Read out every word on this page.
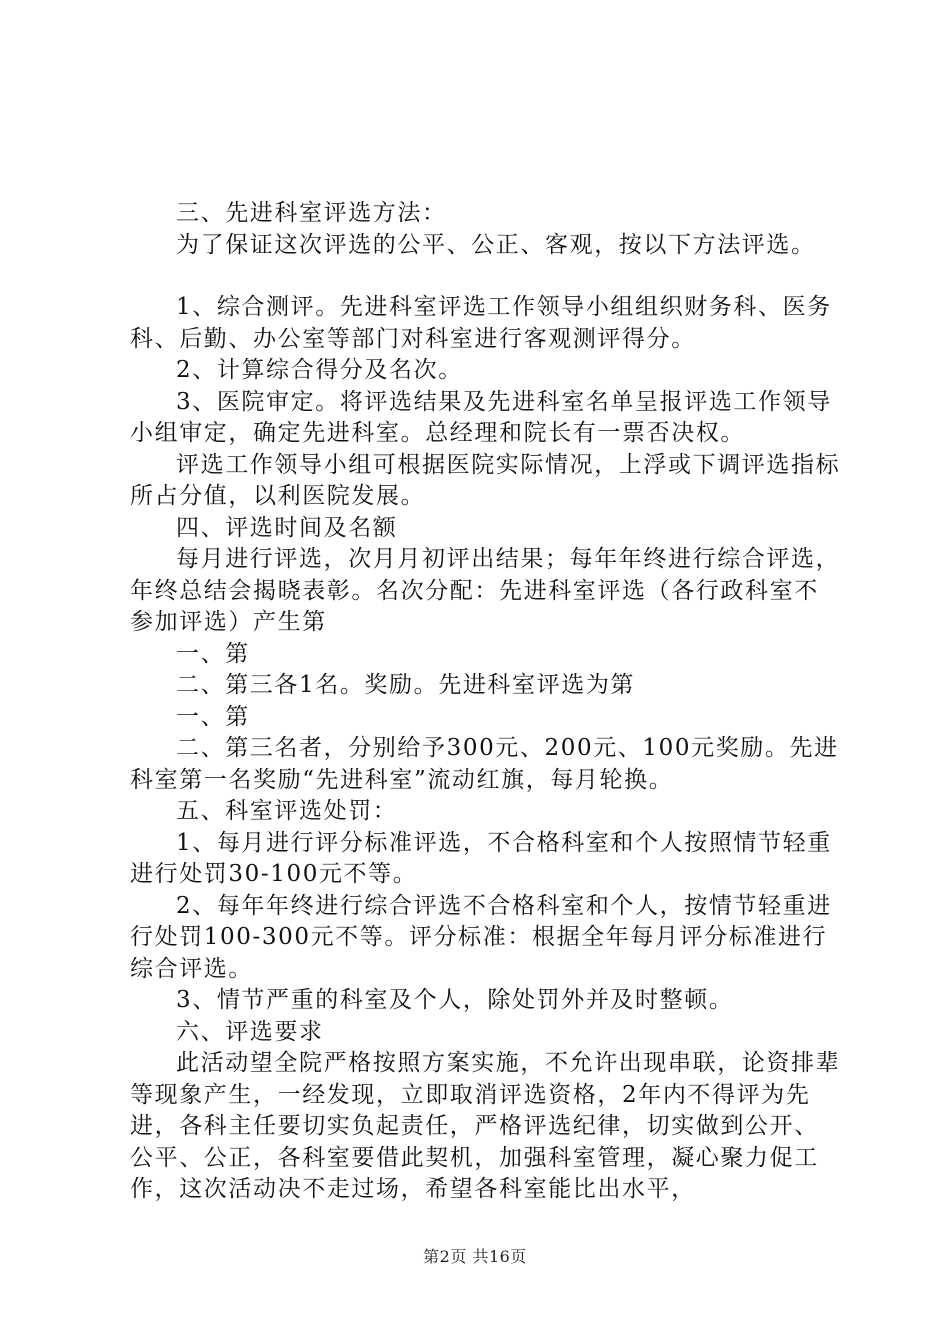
三、先进科室评选方法：

为了保证这次评选的公平、公正、客观，按以下方法评选。

1、综合测评。先进科室评选工作领导小组组织财务科、医务科、后勤、办公室等部门对科室进行客观测评得分。

2、计算综合得分及名次。

3、医院审定。将评选结果及先进科室名单呈报评选工作领导小组审定，确定先进科室。总经理和院长有一票否决权。

评选工作领导小组可根据医院实际情况，上浮或下调评选指标所占分值，以利医院发展。

四、评选时间及名额

每月进行评选，次月月初评出结果；每年年终进行综合评选，年终总结会揭晓表彰。名次分配：先进科室评选（各行政科室不参加评选）产生第

一、第

二、第三各1名。奖励。先进科室评选为第

一、第

二、第三名者，分别给予300元、200元、100元奖励。先进科室第一名奖励“先进科室”流动红旗，每月轮换。

五、科室评选处罚：

1、每月进行评分标准评选，不合格科室和个人按照情节轻重进行处罚30-100元不等。

2、每年年终进行综合评选不合格科室和个人，按情节轻重进行处罚100-300元不等。评分标准：根据全年每月评分标准进行综合评选。

3、情节严重的科室及个人，除处罚外并及时整顿。

六、评选要求

此活动望全院严格按照方案实施，不允许出现串联，论资排辈等现象产生，一经发现，立即取消评选资格，2年内不得评为先进，各科主任要切实负起责任，严格评选纪律，切实做到公开、公平、公正，各科室要借此契机，加强科室管理，凝心聚力促工作，这次活动决不走过场，希望各科室能比出水平，

第2页 共16页
